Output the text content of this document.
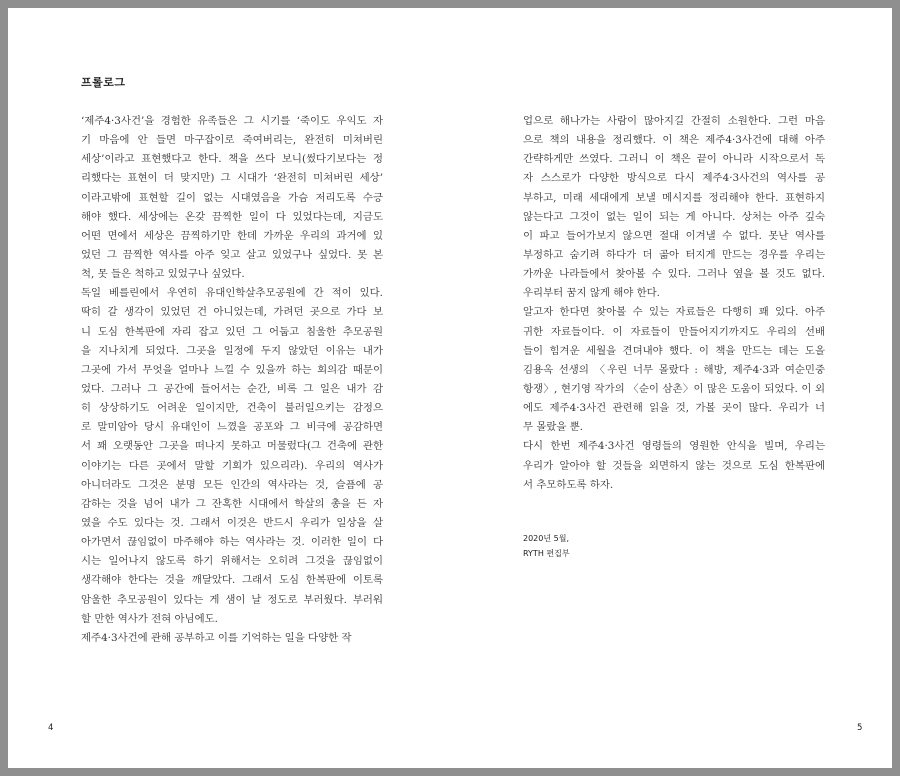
프롤로그
‘제주4·3사건’을 경험한 유족들은 그 시기를 ‘죽이도 우익도 자
기 마음에 안 들면 마구잡이로 죽여버리는, 완전히 미쳐버린
세상’이라고 표현했다고 한다. 책을 쓰다 보니(썼다기보다는 정
리했다는 표현이 더 맞지만) 그 시대가 ‘완전히 미쳐버린 세상’
이라고밖에 표현할 길이 없는 시대였음을 가슴 저리도록 수긍
해야 했다. 세상에는 온갖 끔찍한 일이 다 있었다는데, 지금도
어떤 면에서 세상은 끔찍하기만 한데 가까운 우리의 과거에 있
었던 그 끔찍한 역사를 아주 잊고 살고 있었구나 싶었다. 못 본
척, 못 들은 척하고 있었구나 싶었다.
독일 베를린에서 우연히 유대인학살추모공원에 간 적이 있다.
딱히 갈 생각이 있었던 건 아니었는데, 가려던 곳으로 가다 보
니 도심 한복판에 자리 잡고 있던 그 어둡고 침울한 추모공원
을 지나치게 되었다. 그곳을 일정에 두지 않았던 이유는 내가
그곳에 가서 무엇을 얼마나 느낄 수 있을까 하는 회의감 때문이
었다. 그러나 그 공간에 들어서는 순간, 비록 그 일은 내가 감
히 상상하기도 어려운 일이지만, 건축이 불러일으키는 감정으
로 말미암아 당시 유대인이 느꼈을 공포와 그 비극에 공감하면
서 꽤 오랫동안 그곳을 떠나지 못하고 머물렀다(그 건축에 관한
이야기는 다른 곳에서 말할 기회가 있으리라). 우리의 역사가
아니더라도 그것은 분명 모든 인간의 역사라는 것, 슬픔에 공
감하는 것을 넘어 내가 그 잔혹한 시대에서 학살의 총을 든 자
였을 수도 있다는 것. 그래서 이것은 반드시 우리가 일상을 살
아가면서 끊임없이 마주해야 하는 역사라는 것. 이러한 일이 다
시는 일어나지 않도록 하기 위해서는 오히려 그것을 끊임없이
생각해야 한다는 것을 깨달았다. 그래서 도심 한복판에 이토록
암울한 추모공원이 있다는 게 샘이 날 정도로 부러웠다. 부러워
할 만한 역사가 전혀 아님에도.
제주4·3사건에 관해 공부하고 이를 기억하는 일을 다양한 작
4
업으로 해나가는 사람이 많아지길 간절히 소원한다. 그런 마음
으로 책의 내용을 정리했다. 이 책은 제주4·3사건에 대해 아주
간략하게만 쓰였다. 그러니 이 책은 끝이 아니라 시작으로서 독
자 스스로가 다양한 방식으로 다시 제주4·3사건의 역사를 공
부하고, 미래 세대에게 보낼 메시지를 정리해야 한다. 표현하지
않는다고 그것이 없는 일이 되는 게 아니다. 상처는 아주 깊숙
이 파고 들어가보지 않으면 절대 이겨낼 수 없다. 못난 역사를
부정하고 숨기려 하다가 더 곪아 터지게 만드는 경우를 우리는
가까운 나라들에서 찾아볼 수 있다. 그러나 옆을 볼 것도 없다.
우리부터 꿈지 않게 해야 한다.
알고자 한다면 찾아볼 수 있는 자료들은 다행히 꽤 있다. 아주
귀한 자료들이다. 이 자료들이 만들어지기까지도 우리의 선배
들이 힘겨운 세월을 견뎌내야 했다. 이 책을 만드는 데는 도올
김용옥 선생의 〈우린 너무 몰랐다 : 해방, 제주4·3과 여순민중
항쟁〉, 현기영 작가의 〈순이 삼촌〉이 많은 도움이 되었다. 이 외
에도 제주4·3사건 관련해 읽을 것, 가볼 곳이 많다. 우리가 너
무 몰랐을 뿐.
다시 한번 제주4·3사건 영령들의 영원한 안식을 빌며, 우리는
우리가 알아야 할 것들을 외면하지 않는 것으로 도심 한복판에
서 추모하도록 하자.
2020년 5월,
RYTH 편집부
5
